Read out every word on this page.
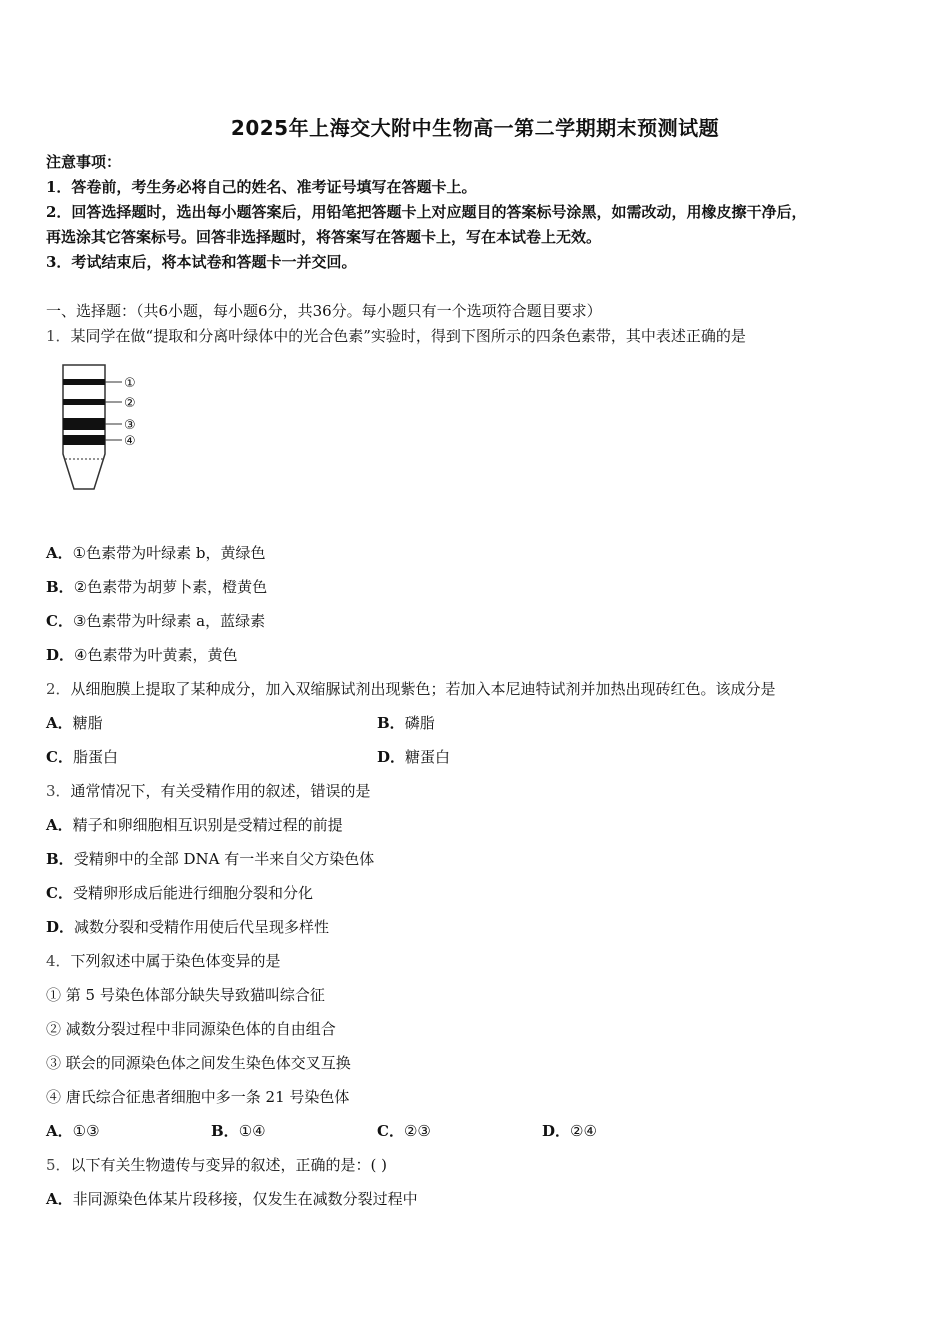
2025年上海交大附中生物高一第二学期期末预测试题
注意事项：
1．答卷前，考生务必将自己的姓名、准考证号填写在答题卡上。
2．回答选择题时，选出每小题答案后，用铅笔把答题卡上对应题目的答案标号涂黑，如需改动，用橡皮擦干净后，
再选涂其它答案标号。回答非选择题时，将答案写在答题卡上，写在本试卷上无效。
3．考试结束后，将本试卷和答题卡一并交回。
一、选择题：（共6小题，每小题6分，共36分。每小题只有一个选项符合题目要求）
1．某同学在做“提取和分离叶绿体中的光合色素”实验时，得到下图所示的四条色素带，其中表述正确的是
①
②
③
④
A．①色素带为叶绿素 b，黄绿色
B．②色素带为胡萝卜素，橙黄色
C．③色素带为叶绿素 a，蓝绿素
D．④色素带为叶黄素，黄色
2．从细胞膜上提取了某种成分，加入双缩脲试剂出现紫色；若加入本尼迪特试剂并加热出现砖红色。该成分是
A．糖脂	B．磷脂
C．脂蛋白	D．糖蛋白
3．通常情况下，有关受精作用的叙述，错误的是
A．精子和卵细胞相互识别是受精过程的前提
B．受精卵中的全部 DNA 有一半来自父方染色体
C．受精卵形成后能进行细胞分裂和分化
D．减数分裂和受精作用使后代呈现多样性
4．下列叙述中属于染色体变异的是
① 第 5 号染色体部分缺失导致猫叫综合征
② 减数分裂过程中非同源染色体的自由组合
③ 联会的同源染色体之间发生染色体交叉互换
④ 唐氏综合征患者细胞中多一条 21 号染色体
A．①③	B．①④	C．②③	D．②④
5．以下有关生物遗传与变异的叙述，正确的是：( )
A．非同源染色体某片段移接，仅发生在减数分裂过程中
